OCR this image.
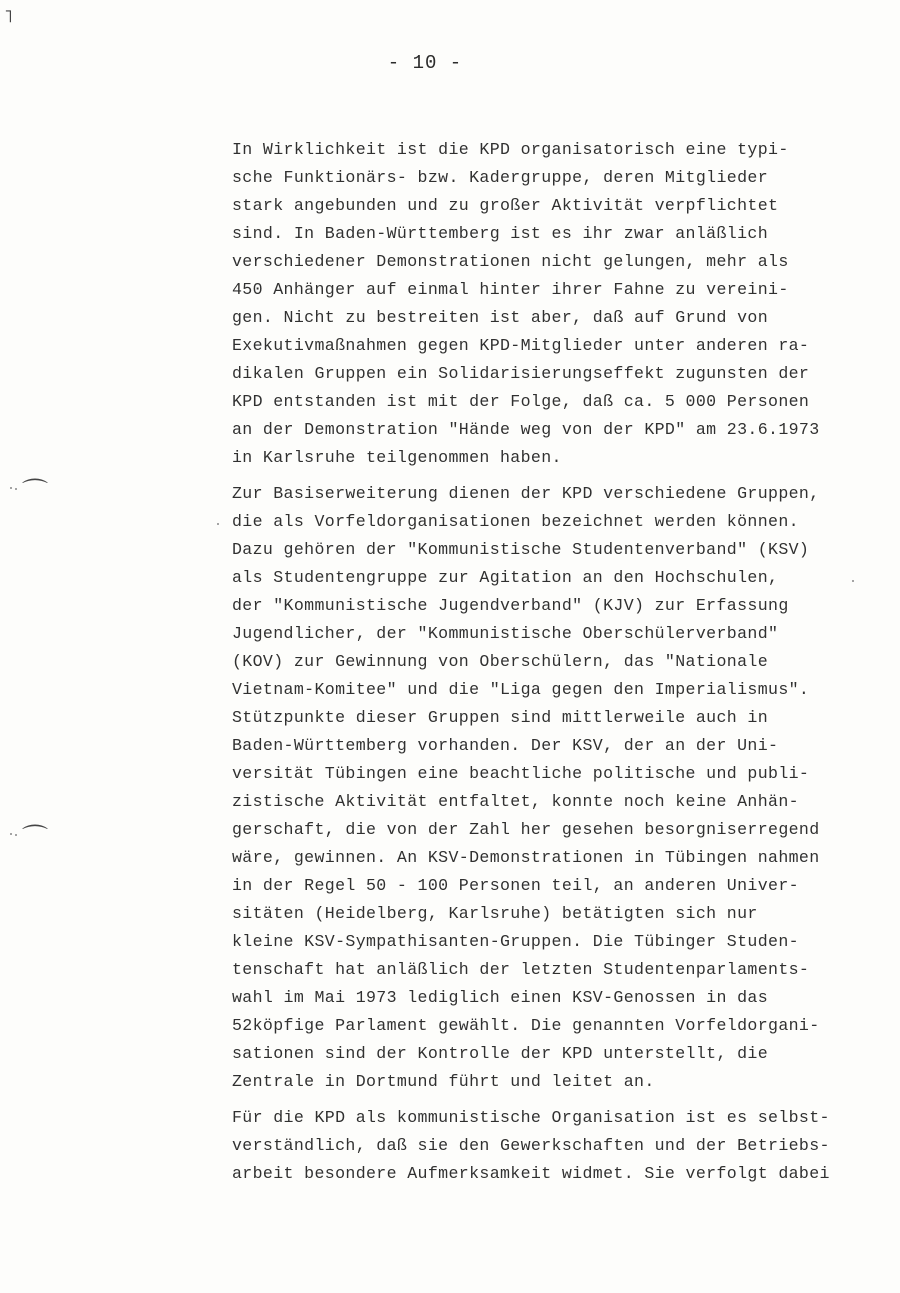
˥
⌒
⌒
- 10 -
In Wirklichkeit ist die KPD organisatorisch eine typi-
sche Funktionärs- bzw. Kadergruppe, deren Mitglieder
stark angebunden und zu großer Aktivität verpflichtet
sind. In Baden-Württemberg ist es ihr zwar anläßlich
verschiedener Demonstrationen nicht gelungen, mehr als
450 Anhänger auf einmal hinter ihrer Fahne zu vereini-
gen. Nicht zu bestreiten ist aber, daß auf Grund von
Exekutivmaßnahmen gegen KPD-Mitglieder unter anderen ra-
dikalen Gruppen ein Solidarisierungseffekt zugunsten der
KPD entstanden ist mit der Folge, daß ca. 5 000 Personen
an der Demonstration "Hände weg von der KPD" am 23.6.1973
in Karlsruhe teilgenommen haben.
Zur Basiserweiterung dienen der KPD verschiedene Gruppen,
die als Vorfeldorganisationen bezeichnet werden können.
Dazu gehören der "Kommunistische Studentenverband" (KSV)
als Studentengruppe zur Agitation an den Hochschulen,
der "Kommunistische Jugendverband" (KJV) zur Erfassung
Jugendlicher, der "Kommunistische Oberschülerverband"
(KOV) zur Gewinnung von Oberschülern, das "Nationale
Vietnam-Komitee" und die "Liga gegen den Imperialismus".
Stützpunkte dieser Gruppen sind mittlerweile auch in
Baden-Württemberg vorhanden. Der KSV, der an der Uni-
versität Tübingen eine beachtliche politische und publi-
zistische Aktivität entfaltet, konnte noch keine Anhän-
gerschaft, die von der Zahl her gesehen besorgniserregend
wäre, gewinnen. An KSV-Demonstrationen in Tübingen nahmen
in der Regel 50 - 100 Personen teil, an anderen Univer-
sitäten (Heidelberg, Karlsruhe) betätigten sich nur
kleine KSV-Sympathisanten-Gruppen. Die Tübinger Studen-
tenschaft hat anläßlich der letzten Studentenparlaments-
wahl im Mai 1973 lediglich einen KSV-Genossen in das
52köpfige Parlament gewählt. Die genannten Vorfeldorgani-
sationen sind der Kontrolle der KPD unterstellt, die
Zentrale in Dortmund führt und leitet an.
Für die KPD als kommunistische Organisation ist es selbst-
verständlich, daß sie den Gewerkschaften und der Betriebs-
arbeit besondere Aufmerksamkeit widmet. Sie verfolgt dabei
